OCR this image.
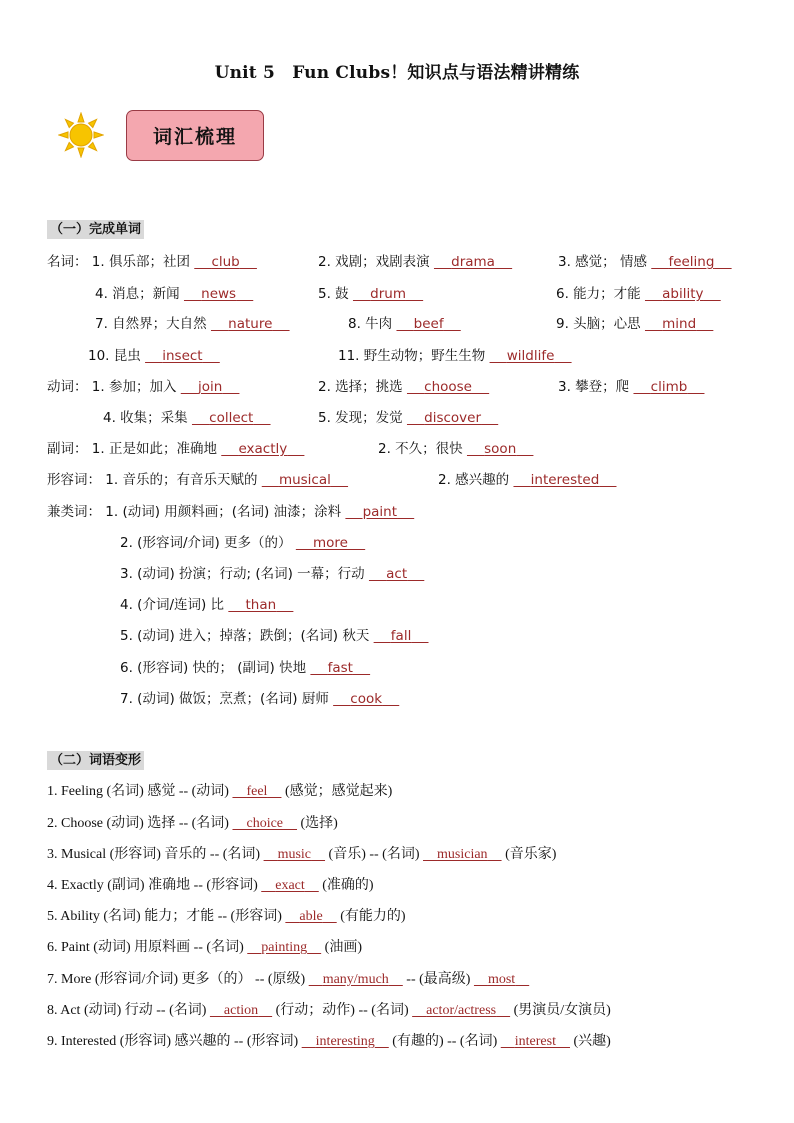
Unit 5　Fun Clubs！知识点与语法精讲精练
词汇梳理
（一）完成单词
名词： 1. 俱乐部；社团     club	2. 戏剧；戏剧表演     drama	3. 感觉； 情感     feeling
4. 消息；新闻     news	5. 鼓     drum	6. 能力；才能     ability
7. 自然界；大自然     nature	8. 牛肉     beef	9. 头脑；心思     mind
10. 昆虫     insect	11. 野生动物；野生生物     wildlife
动词： 1. 参加；加入     join	2. 选择；挑选     choose	3. 攀登；爬     climb
4. 收集；采集     collect	5. 发现；发觉     discover
副词： 1. 正是如此；准确地     exactly	2. 不久；很快     soon
形容词： 1. 音乐的；有音乐天赋的     musical	2. 感兴趣的     interested
兼类词： 1. (动词) 用颜料画；(名词) 油漆；涂料     paint
2. (形容词/介词) 更多（的）     more
3. (动词) 扮演；行动; (名词) 一幕；行动     act
4. (介词/连词) 比     than
5. (动词) 进入；掉落；跌倒；(名词) 秋天     fall
6. (形容词) 快的； (副词) 快地     fast
7. (动词) 做饭；烹煮；(名词) 厨师     cook
（二）词语变形
1. Feeling (名词) 感觉 -- (动词)     feel     (感觉；感觉起来)
2. Choose (动词) 选择 -- (名词)     choice     (选择)
3. Musical (形容词) 音乐的 -- (名词)     music     (音乐) -- (名词)     musician     (音乐家)
4. Exactly (副词) 准确地 -- (形容词)     exact     (准确的)
5. Ability (名词) 能力；才能 -- (形容词)     able     (有能力的)
6. Paint (动词) 用原料画 -- (名词)     painting     (油画)
7. More (形容词/介词) 更多（的） -- (原级)     many/much     -- (最高级)     most
8. Act (动词) 行动 -- (名词)     action     (行动；动作) -- (名词)     actor/actress     (男演员/女演员)
9. Interested (形容词) 感兴趣的 -- (形容词)     interesting     (有趣的) -- (名词)     interest     (兴趣)
